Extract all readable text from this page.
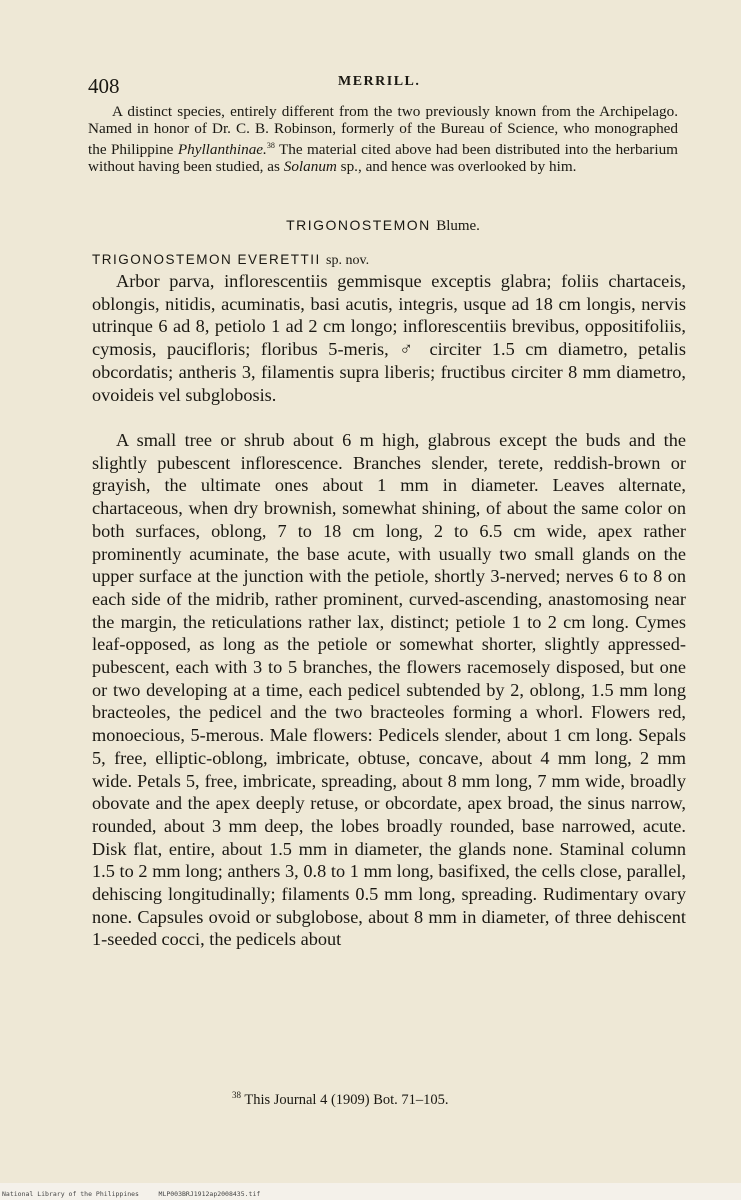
408	MERRILL.
A distinct species, entirely different from the two previously known from the Archipelago. Named in honor of Dr. C. B. Robinson, formerly of the Bureau of Science, who monographed the Philippine Phyllanthinae.$^{38}$ The material cited above had been distributed into the herbarium without having been studied, as Solanum sp., and hence was overlooked by him.
TRIGONOSTEMON Blume.
TRIGONOSTEMON EVERETTII sp. nov.
Arbor parva, inflorescentiis gemmisque exceptis glabra; foliis chartaceis, oblongis, nitidis, acuminatis, basi acutis, integris, usque ad 18 cm longis, nervis utrinque 6 ad 8, petiolo 1 ad 2 cm longo; inflorescentiis brevibus, oppositifoliis, cymosis, paucifloris; floribus 5-meris, ♂ circiter 1.5 cm diametro, petalis obcordatis; antheris 3, filamentis supra liberis; fructibus circiter 8 mm diametro, ovoideis vel subglobosis.
A small tree or shrub about 6 m high, glabrous except the buds and the slightly pubescent inflorescence. Branches slender, terete, reddish-brown or grayish, the ultimate ones about 1 mm in diameter. Leaves alternate, chartaceous, when dry brownish, somewhat shining, of about the same color on both surfaces, oblong, 7 to 18 cm long, 2 to 6.5 cm wide, apex rather prominently acuminate, the base acute, with usually two small glands on the upper surface at the junction with the petiole, shortly 3-nerved; nerves 6 to 8 on each side of the midrib, rather prominent, curved-ascending, anastomosing near the margin, the reticulations rather lax, distinct; petiole 1 to 2 cm long. Cymes leaf-opposed, as long as the petiole or somewhat shorter, slightly appressed-pubescent, each with 3 to 5 branches, the flowers racemosely disposed, but one or two developing at a time, each pedicel subtended by 2, oblong, 1.5 mm long bracteoles, the pedicel and the two bracteoles forming a whorl. Flowers red, monoecious, 5-merous. Male flowers: Pedicels slender, about 1 cm long. Sepals 5, free, elliptic-oblong, imbricate, obtuse, concave, about 4 mm long, 2 mm wide. Petals 5, free, imbricate, spreading, about 8 mm long, 7 mm wide, broadly obovate and the apex deeply retuse, or obcordate, apex broad, the sinus narrow, rounded, about 3 mm deep, the lobes broadly rounded, base narrowed, acute. Disk flat, entire, about 1.5 mm in diameter, the glands none. Staminal column 1.5 to 2 mm long; anthers 3, 0.8 to 1 mm long, basifixed, the cells close, parallel, dehiscing longitudinally; filaments 0.5 mm long, spreading. Rudimentary ovary none. Capsules ovoid or subglobose, about 8 mm in diameter, of three dehiscent 1-seeded cocci, the pedicels about
$^{38}$ This Journal 4 (1909) Bot. 71–105.
National Library of the Philippines     MLP003BRJ1912ap2008435.tif
